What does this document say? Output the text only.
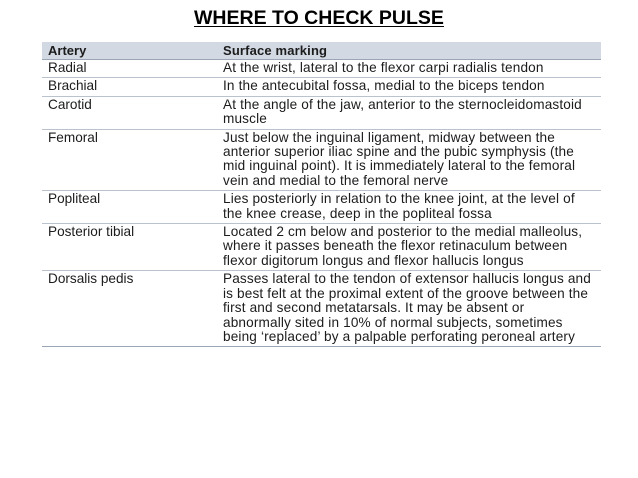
WHERE TO CHECK PULSE
Artery	Surface marking
Radial	At the wrist, lateral to the flexor carpi radialis tendon
Brachial	In the antecubital fossa, medial to the biceps tendon
Carotid	At the angle of the jaw, anterior to the sternocleidomastoid muscle
Femoral	Just below the inguinal ligament, midway between the anterior superior iliac spine and the pubic symphysis (the mid inguinal point). It is immediately lateral to the femoral vein and medial to the femoral nerve
Popliteal	Lies posteriorly in relation to the knee joint, at the level of the knee crease, deep in the popliteal fossa
Posterior tibial	Located 2 cm below and posterior to the medial malleolus, where it passes beneath the flexor retinaculum between flexor digitorum longus and flexor hallucis longus
Dorsalis pedis	Passes lateral to the tendon of extensor hallucis longus and is best felt at the proximal extent of the groove between the first and second metatarsals. It may be absent or abnormally sited in 10% of normal subjects, sometimes being ‘replaced’ by a palpable perforating peroneal artery
